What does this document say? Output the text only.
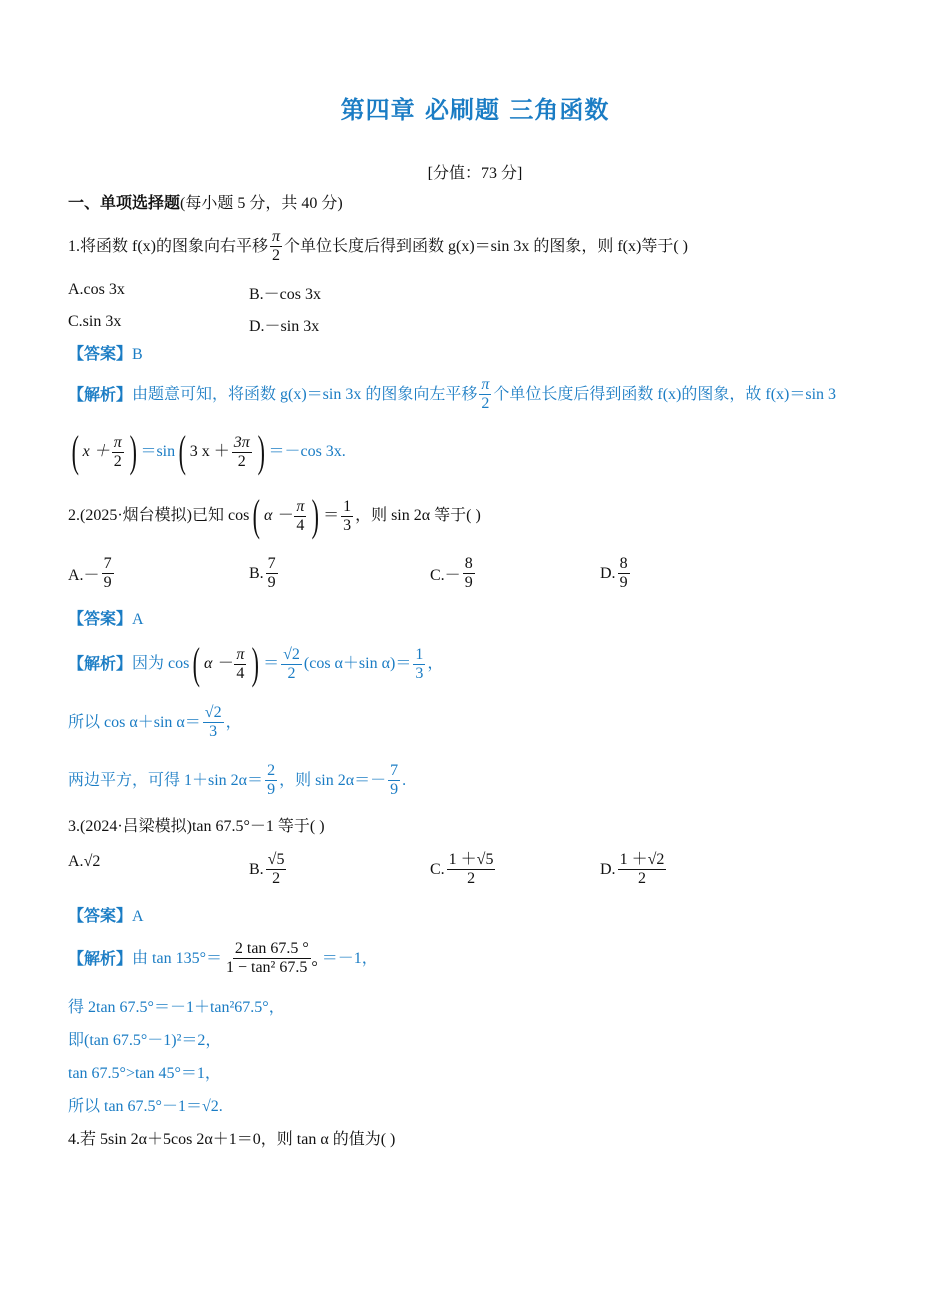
第四章 必刷题 三角函数
[分值：73 分]
一、单项选择题(每小题 5 分，共 40 分)
1.将函数 f(x)的图象向右平移 $\frac{\pi}{2}$ 个单位长度后得到函数 g(x)＝sin 3x 的图象，则 f(x)等于( )
A.cos 3x	B.－cos 3x
C.sin 3x	D.－sin 3x
【答案】B
【解析】 由题意可知，将函数 g(x)＝sin 3x 的图象向左平移 $\frac{\pi}{2}$ 个单位长度后得到函数 f(x)的图象，故 f(x)＝sin 3
( $x + \frac{\pi}{2}$ ) ＝sin ( 3 $x + \frac{3\pi}{2}$ ) ＝－cos 3x.
2.(2025·烟台模拟)已知 cos ( $\alpha - \frac{\pi}{4}$ ) ＝ $\frac{1}{3}$ ，则 sin 2α 等于( )
$A.- \frac{7}{9}$	B. $\frac{7}{9}$	$C.- \frac{8}{9}$	D. $\frac{8}{9}$
【答案】A
【解析】 因为 cos ( $\alpha - \frac{\pi}{4}$ ) ＝ $\frac{√2}{2} (\cos$ α＋sin $\alpha)= \frac{1}{3}$ ，
所以 cos α＋sin $\alpha= \frac{√2}{3}$ ，
两边平方，可得 1＋sin $2\alpha= \frac{2}{9}$ ，则 $\sin 2\alpha=- \frac{7}{9}$ .
3.(2024·吕梁模拟)tan 67.5°－1 等于( )
A. √2	B. $\frac{√5}{2}$	C. $\frac{1 +√5}{2}$	D. $\frac{1 +√2}{2}$
【答案】A
【解析】 由 $\tan 135^\circ= \frac{2 \tan 67.5 ^\circ}{\text{1 − tan² 67.5 °}} =-1$，
得 2tan 67.5°＝－1＋tan²67.5°，
即(tan 67.5°－1)²＝2，
tan 67.5°>tan 45°＝1，
所以 tan 67.5°－1＝√2.
4.若 5sin 2α＋5cos 2α＋1＝0，则 tan α 的值为( )
